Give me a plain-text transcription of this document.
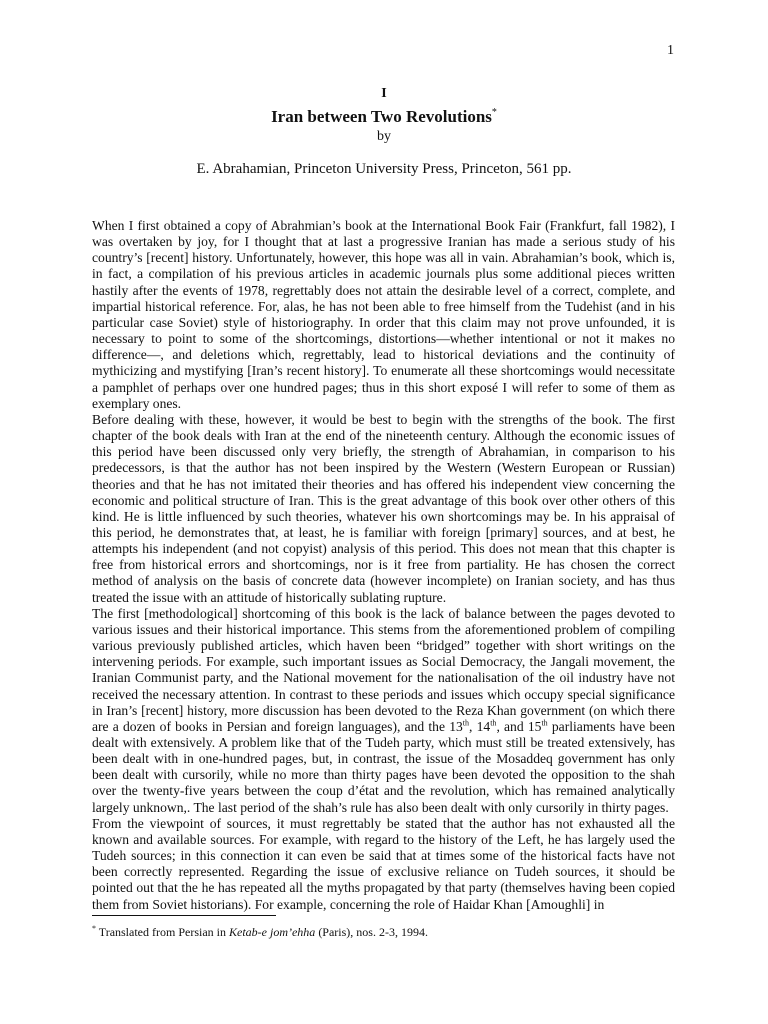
1
I
Iran between Two Revolutions*
by
E. Abrahamian, Princeton University Press, Princeton, 561 pp.

When I first obtained a copy of Abrahmian’s book at the International Book Fair (Frankfurt, fall 1982), I was overtaken by joy, for I thought that at last a progressive Iranian has made a serious study of his country’s [recent] history. Unfortunately, however, this hope was all in vain. Abrahamian’s book, which is, in fact, a compilation of his previous articles in academic journals plus some additional pieces written hastily after the events of 1978, regrettably does not attain the desirable level of a correct, complete, and impartial historical reference. For, alas, he has not been able to free himself from the Tudehist (and in his particular case Soviet) style of historiography. In order that this claim may not prove unfounded, it is necessary to point to some of the shortcomings, distortions—whether intentional or not it makes no difference—, and deletions which, regrettably, lead to historical deviations and the continuity of mythicizing and mystifying [Iran’s recent history]. To enumerate all these shortcomings would necessitate a pamphlet of perhaps over one hundred pages; thus in this short exposé I will refer to some of them as exemplary ones.

Before dealing with these, however, it would be best to begin with the strengths of the book. The first chapter of the book deals with Iran at the end of the nineteenth century. Although the economic issues of this period have been discussed only very briefly, the strength of Abrahamian, in comparison to his predecessors, is that the author has not been inspired by the Western (Western European or Russian) theories and that he has not imitated their theories and has offered his independent view concerning the economic and political structure of Iran. This is the great advantage of this book over other others of this kind. He is little influenced by such theories, whatever his own shortcomings may be. In his appraisal of this period, he demonstrates that, at least, he is familiar with foreign [primary] sources, and at best, he attempts his independent (and not copyist) analysis of this period. This does not mean that this chapter is free from historical errors and shortcomings, nor is it free from partiality. He has chosen the correct method of analysis on the basis of concrete data (however incomplete) on Iranian society, and has thus treated the issue with an attitude of historically sublating rupture.

The first [methodological] shortcoming of this book is the lack of balance between the pages devoted to various issues and their historical importance. This stems from the aforementioned problem of compiling various previously published articles, which haven been “bridged” together with short writings on the intervening periods. For example, such important issues as Social Democracy, the Jangali movement, the Iranian Communist party, and the National movement for the nationalisation of the oil industry have not received the necessary attention. In contrast to these periods and issues which occupy special significance in Iran’s [recent] history, more discussion has been devoted to the Reza Khan government (on which there are a dozen of books in Persian and foreign languages), and the 13th, 14th, and 15th parliaments have been dealt with extensively. A problem like that of the Tudeh party, which must still be treated extensively, has been dealt with in one-hundred pages, but, in contrast, the issue of the Mosaddeq government has only been dealt with cursorily, while no more than thirty pages have been devoted the opposition to the shah over the twenty-five years between the coup d’état and the revolution, which has remained analytically largely unknown,. The last period of the shah’s rule has also been dealt with only cursorily in thirty pages.

From the viewpoint of sources, it must regrettably be stated that the author has not exhausted all the known and available sources. For example, with regard to the history of the Left, he has largely used the Tudeh sources; in this connection it can even be said that at times some of the historical facts have not been correctly represented. Regarding the issue of exclusive reliance on Tudeh sources, it should be pointed out that the he has repeated all the myths propagated by that party (themselves having been copied them from Soviet historians). For example, concerning the role of Haidar Khan [Amoughli] in

* Translated from Persian in Ketab-e jom’ehha (Paris), nos. 2-3, 1994.
